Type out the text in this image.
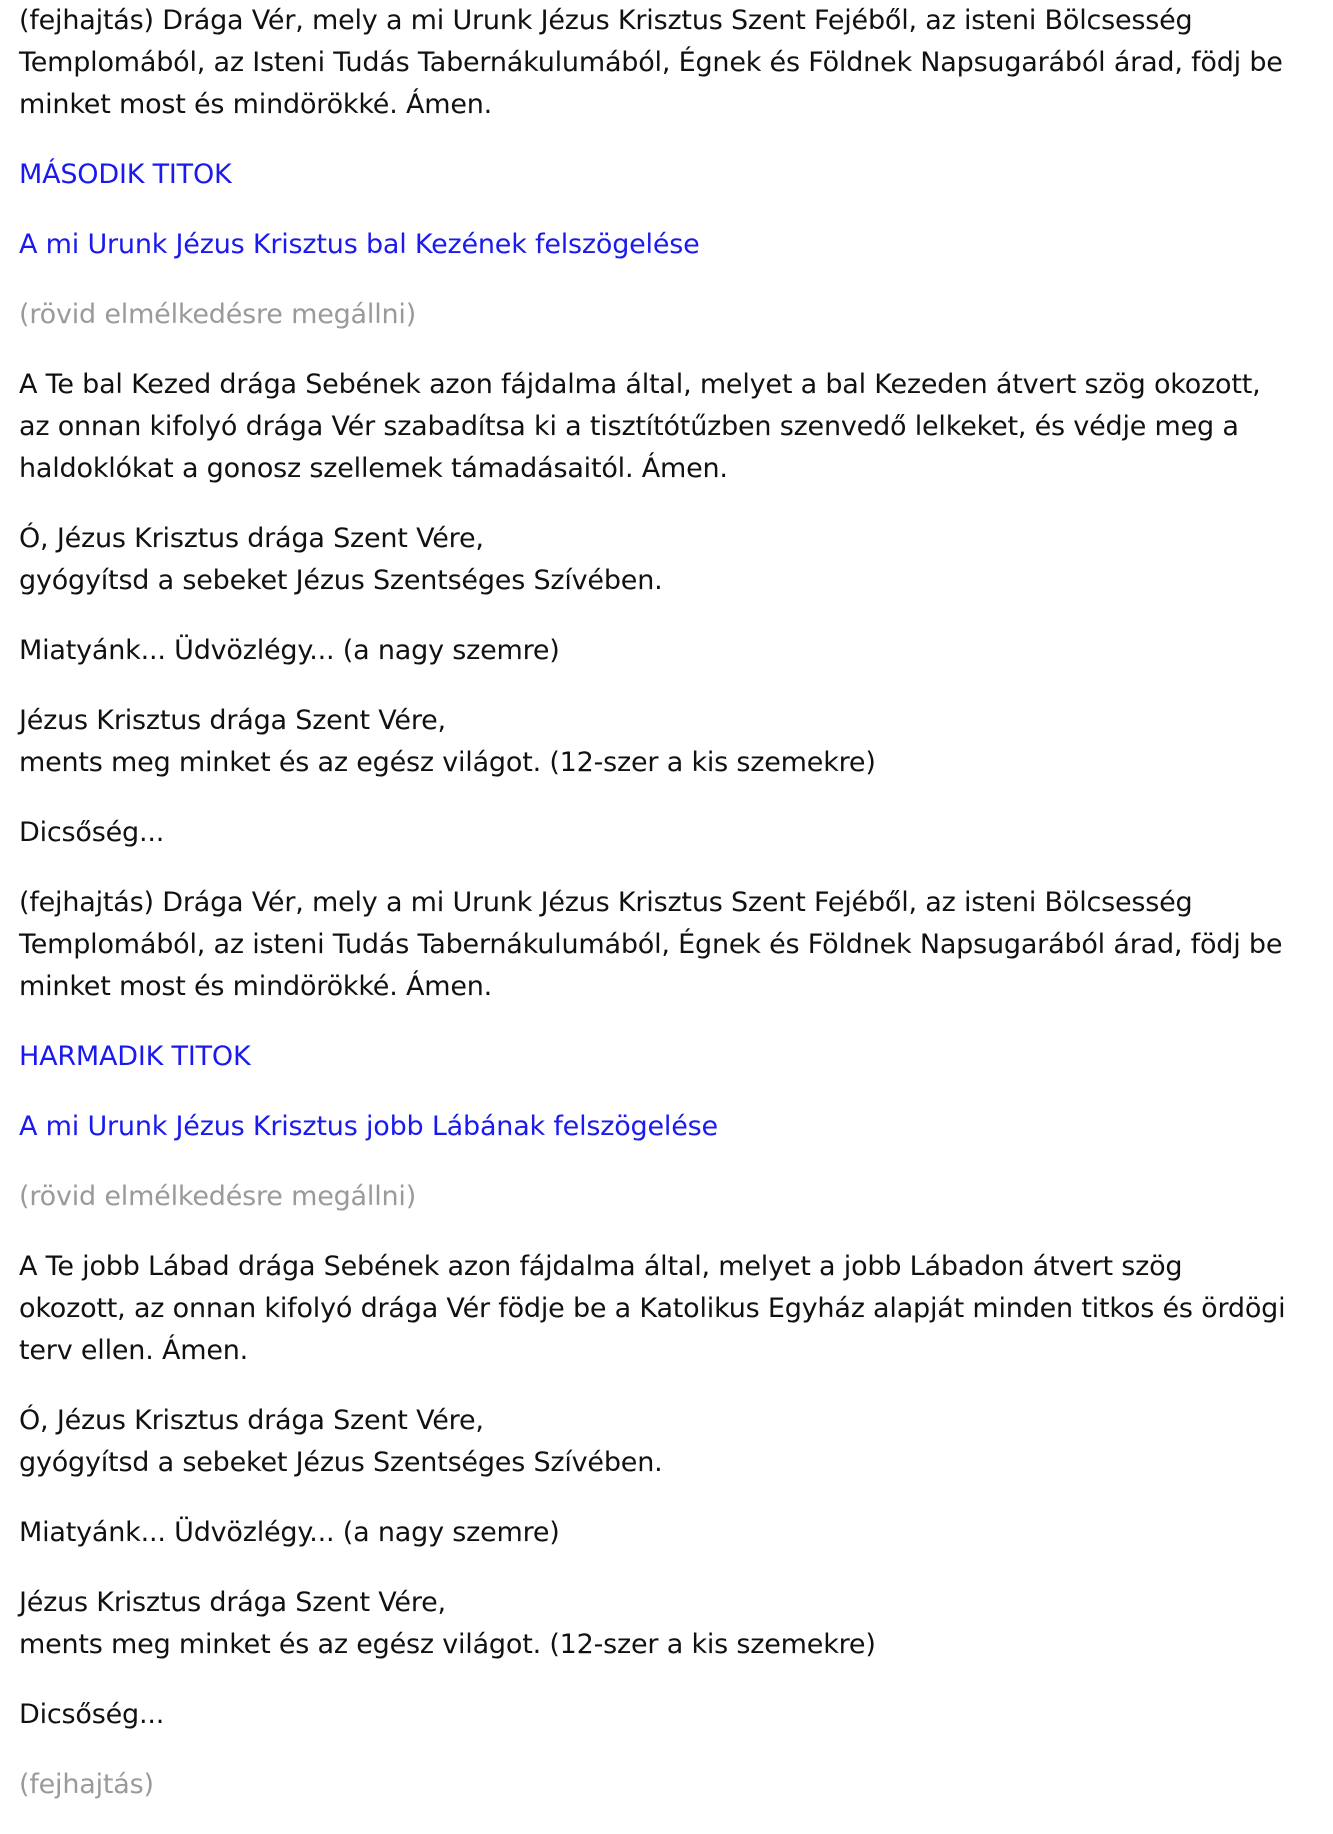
(fejhajtás) Drága Vér, mely a mi Urunk Jézus Krisztus Szent Fejéből, az isteni Bölcsesség
Templomából, az Isteni Tudás Tabernákulumából, Égnek és Földnek Napsugarából árad, födj be
minket most és mindörökké. Ámen.
MÁSODIK TITOK
A mi Urunk Jézus Krisztus bal Kezének felszögelése
(rövid elmélkedésre megállni)
A Te bal Kezed drága Sebének azon fájdalma által, melyet a bal Kezeden átvert szög okozott,
az onnan kifolyó drága Vér szabadítsa ki a tisztítótűzben szenvedő lelkeket, és védje meg a
haldoklókat a gonosz szellemek támadásaitól. Ámen.
Ó, Jézus Krisztus drága Szent Vére,
gyógyítsd a sebeket Jézus Szentséges Szívében.
Miatyánk... Üdvözlégy... (a nagy szemre)
Jézus Krisztus drága Szent Vére,
ments meg minket és az egész világot. (12-szer a kis szemekre)
Dicsőség...
(fejhajtás) Drága Vér, mely a mi Urunk Jézus Krisztus Szent Fejéből, az isteni Bölcsesség
Templomából, az isteni Tudás Tabernákulumából, Égnek és Földnek Napsugarából árad, födj be
minket most és mindörökké. Ámen.
HARMADIK TITOK
A mi Urunk Jézus Krisztus jobb Lábának felszögelése
(rövid elmélkedésre megállni)
A Te jobb Lábad drága Sebének azon fájdalma által, melyet a jobb Lábadon átvert szög
okozott, az onnan kifolyó drága Vér födje be a Katolikus Egyház alapját minden titkos és ördögi
terv ellen. Ámen.
Ó, Jézus Krisztus drága Szent Vére,
gyógyítsd a sebeket Jézus Szentséges Szívében.
Miatyánk... Üdvözlégy... (a nagy szemre)
Jézus Krisztus drága Szent Vére,
ments meg minket és az egész világot. (12-szer a kis szemekre)
Dicsőség...
(fejhajtás)
